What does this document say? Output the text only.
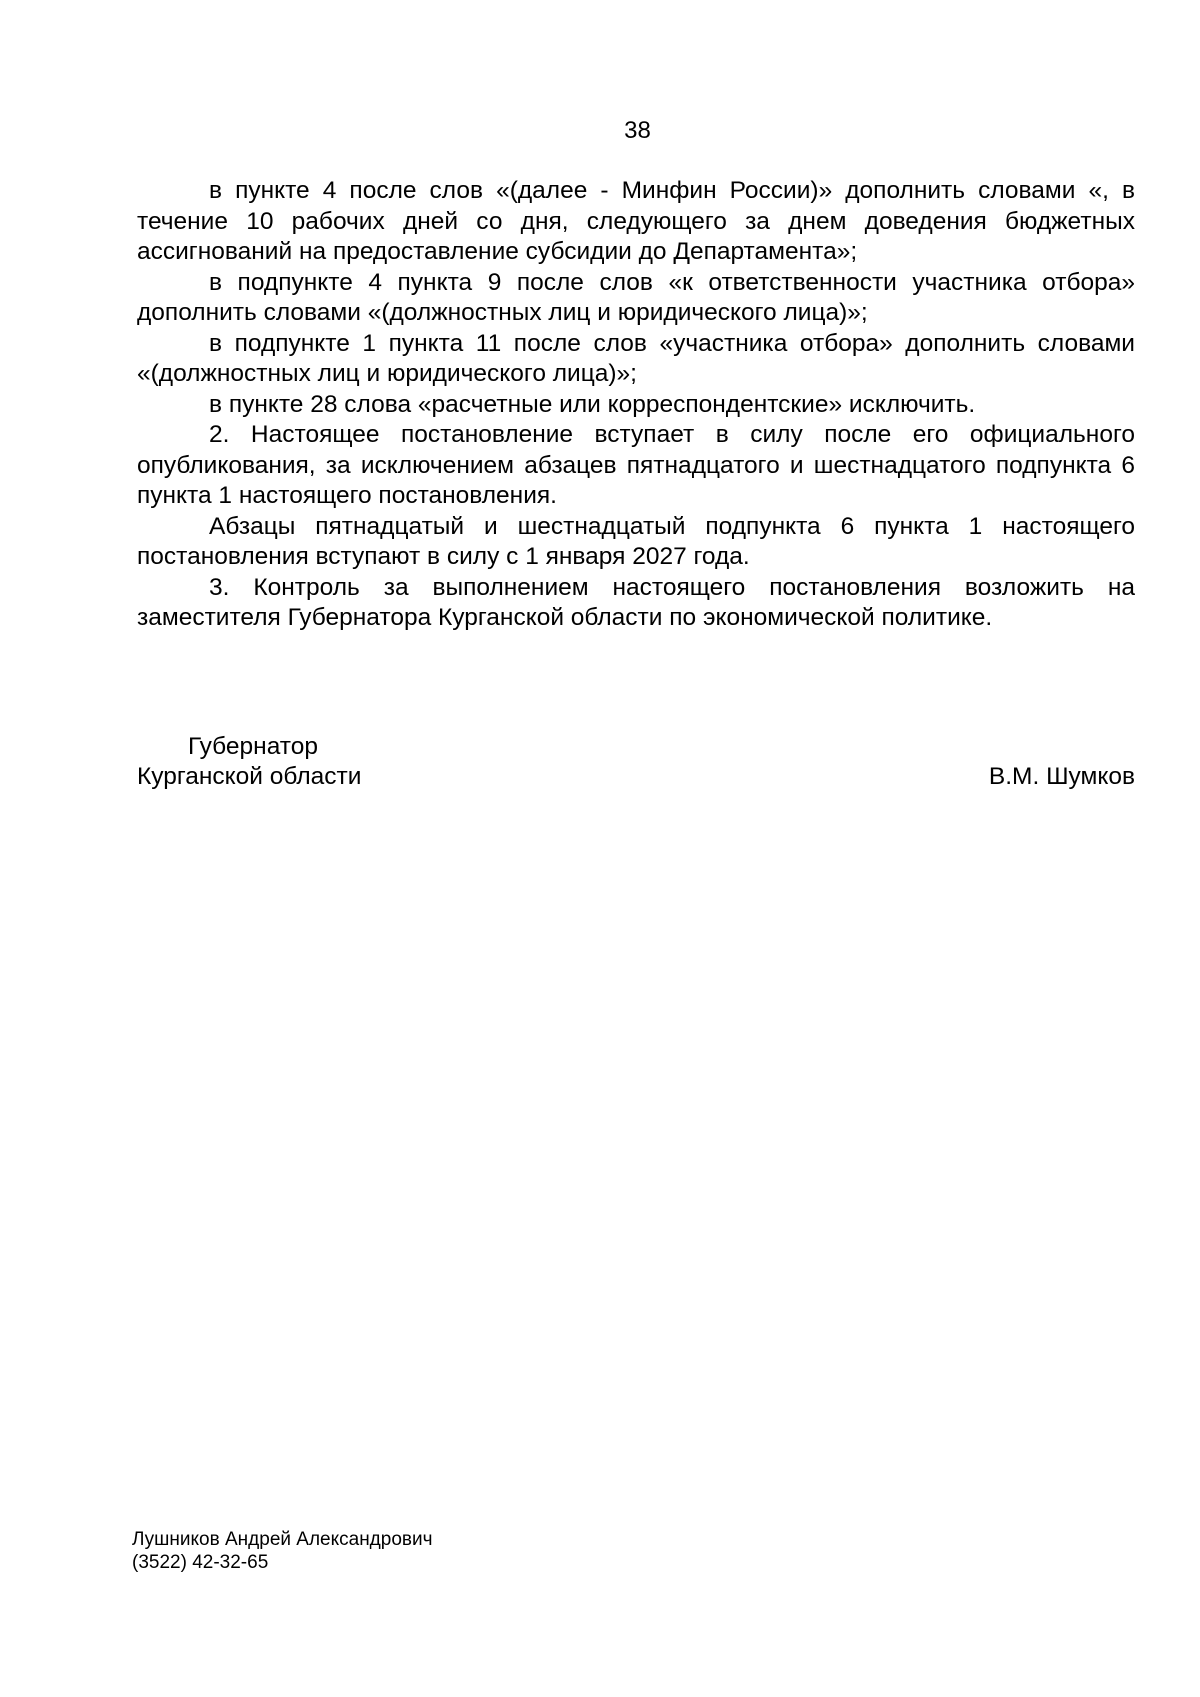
38

в пункте 4 после слов «(далее - Минфин России)» дополнить словами «, в течение 10 рабочих дней со дня, следующего за днем доведения бюджетных ассигнований на предоставление субсидии до Департамента»;

в подпункте 4 пункта 9 после слов «к ответственности участника отбора» дополнить словами «(должностных лиц и юридического лица)»;

в подпункте 1 пункта 11 после слов «участника отбора» дополнить словами «(должностных лиц и юридического лица)»;

в пункте 28 слова «расчетные или корреспондентские» исключить.

2. Настоящее постановление вступает в силу после его официального опубликования, за исключением абзацев пятнадцатого и шестнадцатого подпункта 6 пункта 1 настоящего постановления.

Абзацы пятнадцатый и шестнадцатый подпункта 6 пункта 1 настоящего постановления вступают в силу с 1 января 2027 года.

3. Контроль за выполнением настоящего постановления возложить на заместителя Губернатора Курганской области по экономической политике.

Губернатор
Курганской области	В.М. Шумков
Лушников Андрей Александрович
(3522) 42-32-65
